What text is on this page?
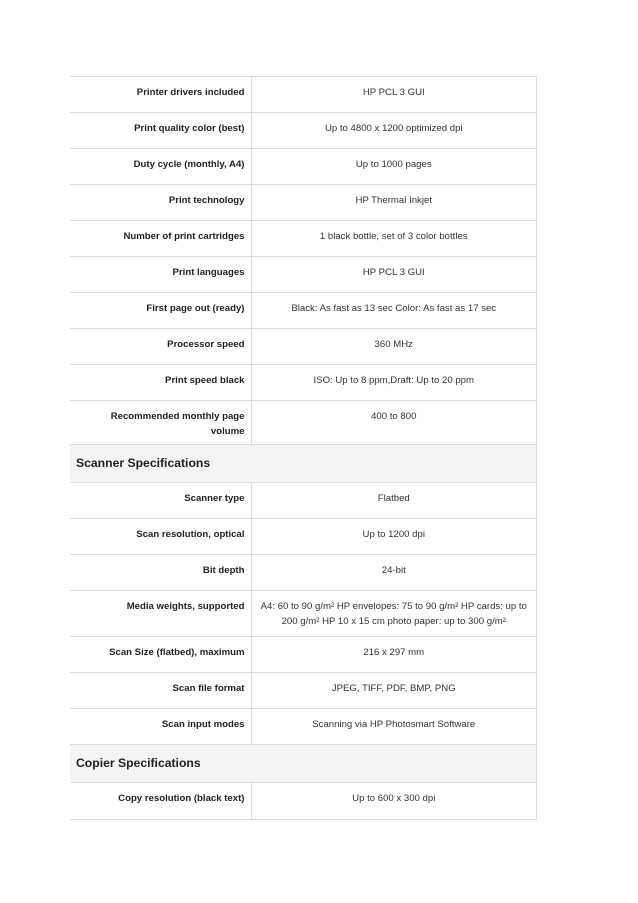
Printer drivers included	HP PCL 3 GUI
Print quality color (best)	Up to 4800 x 1200 optimized dpi
Duty cycle (monthly, A4)	Up to 1000 pages
Print technology	HP Thermal Inkjet
Number of print cartridges	1 black bottle, set of 3 color bottles
Print languages	HP PCL 3 GUI
First page out (ready)	Black: As fast as 13 sec Color: As fast as 17 sec
Processor speed	360 MHz
Print speed black	ISO: Up to 8 ppm,Draft: Up to 20 ppm
Recommended monthly page volume	400 to 800
Scanner Specifications	
Scanner type	Flatbed
Scan resolution, optical	Up to 1200 dpi
Bit depth	24-bit
Media weights, supported	A4: 60 to 90 g/m² HP envelopes: 75 to 90 g/m² HP cards: up to 200 g/m² HP 10 x 15 cm photo paper: up to 300 g/m²
Scan Size (flatbed), maximum	216 x 297 mm
Scan file format	JPEG, TIFF, PDF, BMP, PNG
Scan input modes	Scanning via HP Photosmart Software
Copier Specifications	
Copy resolution (black text)	Up to 600 x 300 dpi
